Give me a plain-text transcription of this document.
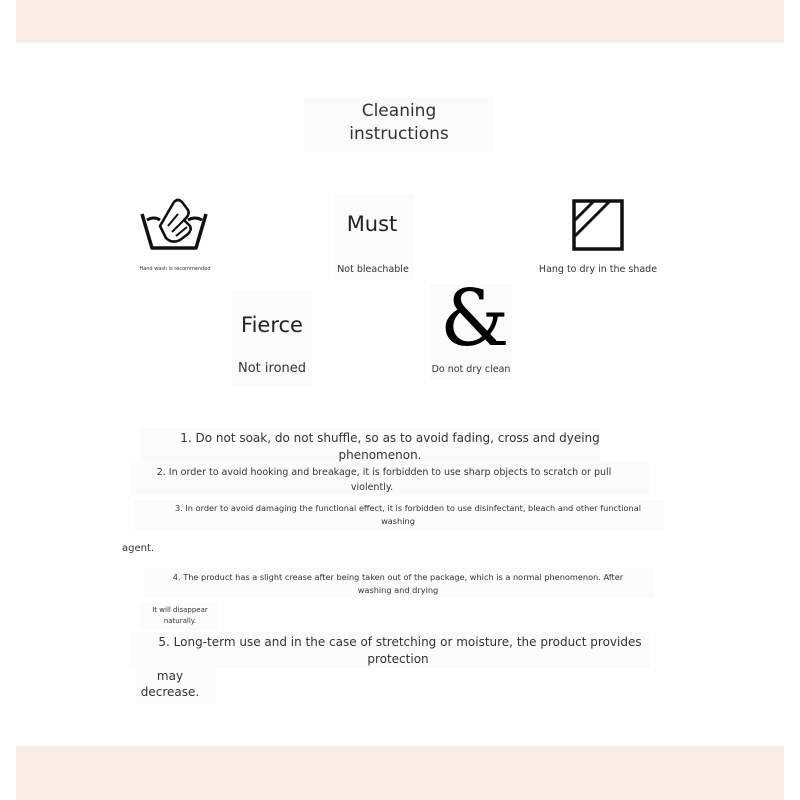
Cleaning
instructions
Hand wash is recommended
Must
Not bleachable	Hang to dry in the shade
Fierce
Not ironed
&
Do not dry clean
1. Do not soak, do not shuffle, so as to avoid fading, cross and dyeing
phenomenon.
2. In order to avoid hooking and breakage, it is forbidden to use sharp objects to scratch or pull
violently.
3. In order to avoid damaging the functional effect, it is forbidden to use disinfectant, bleach and other functional
washing
agent.
4. The product has a slight crease after being taken out of the package, which is a normal phenomenon. After
washing and drying
It will disappear
naturally.
5. Long-term use and in the case of stretching or moisture, the product provides
protection
may
decrease.
